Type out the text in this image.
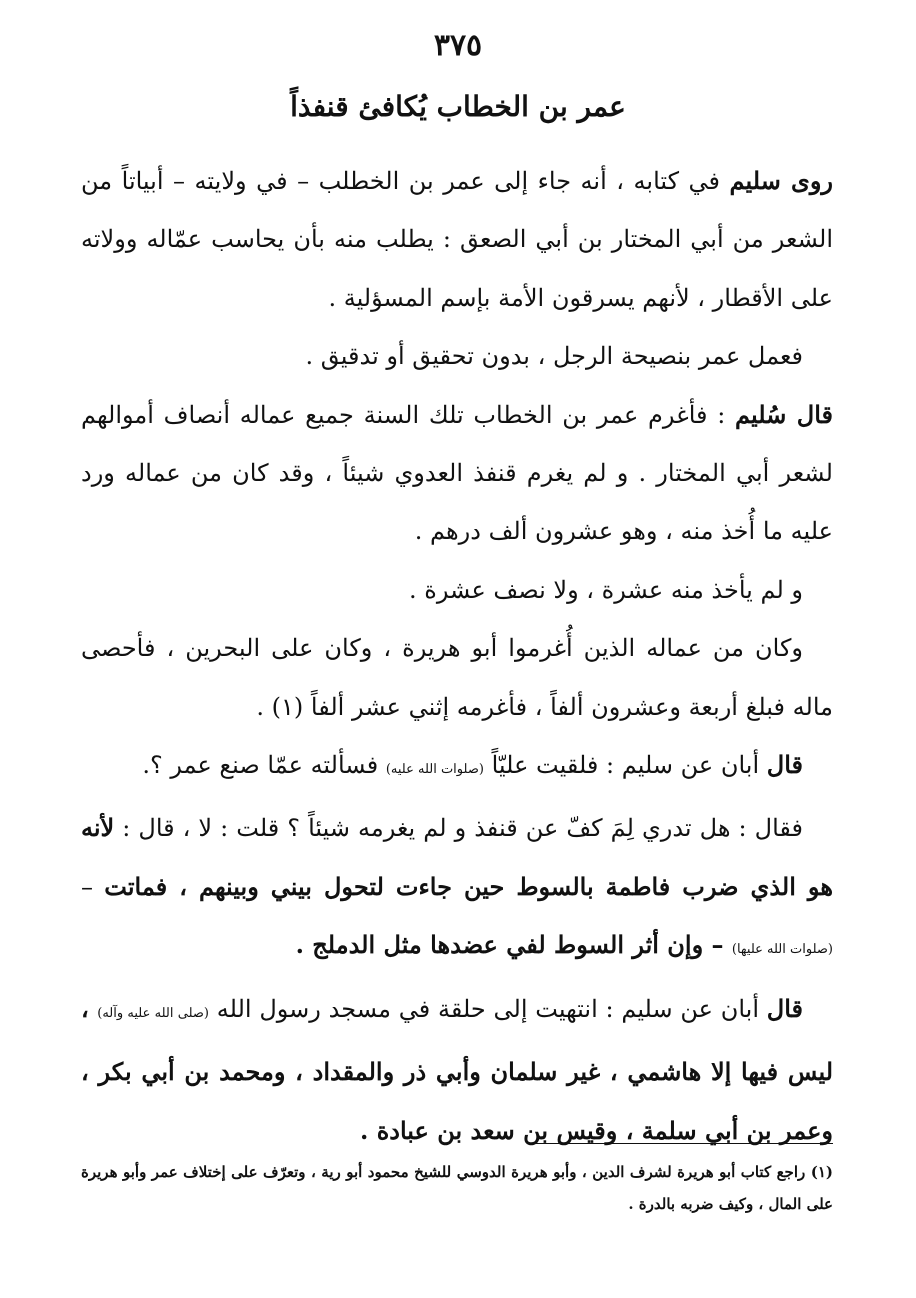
٣٧٥
عمر بن الخطاب يُكافئ قنفذاً

روى سليم في كتابه ، أنه جاء إلى عمر بن الخطلب – في ولايته – أبياتاً من الشعر من أبي المختار بن أبي الصعق : يطلب منه بأن يحاسب عمّاله وولاته على الأقطار ، لأنهم يسرقون الأمة بإسم المسؤلية .

فعمل عمر بنصيحة الرجل ، بدون تحقيق أو تدقيق .

قال سُليم : فأغرم عمر بن الخطاب تلك السنة جميع عماله أنصاف أموالهم لشعر أبي المختار . و لم يغرم قنفذ العدوي شيئاً ، وقد كان من عماله ورد عليه ما أُخذ منه ، وهو عشرون ألف درهم .

و لم يأخذ منه عشرة ، ولا نصف عشرة .

وكان من عماله الذين أُغرموا أبو هريرة ، وكان على البحرين ، فأحصى ماله فبلغ أربعة وعشرون ألفاً ، فأغرمه إثني عشر ألفاً (١) .

قال أبان عن سليم : فلقيت عليّاً (صلوات الله عليه) فسألته عمّا صنع عمر ؟.

فقال : هل تدري لِمَ كفّ عن قنفذ و لم يغرمه شيئاً ؟ قلت : لا ، قال : لأنه هو الذي ضرب فاطمة بالسوط حين جاءت لتحول بيني وبينهم ، فماتت – (صلوات الله عليها) – وإن أثر السوط لفي عضدها مثل الدملج .

قال أبان عن سليم : انتهيت إلى حلقة في مسجد رسول الله (صلى الله عليه وآله) ، ليس فيها إلا هاشمي ، غير سلمان وأبي ذر والمقداد ، ومحمد بن أبي بكر ، وعمر بن أبي سلمة ، وقيس بن سعد بن عبادة .

(١) راجع كتاب أبو هريرة لشرف الدين ، وأبو هريرة الدوسي للشيخ محمود أبو رية ، وتعرّف على إختلاف عمر وأبو هريرة على المال ، وكيف ضربه بالدرة .
